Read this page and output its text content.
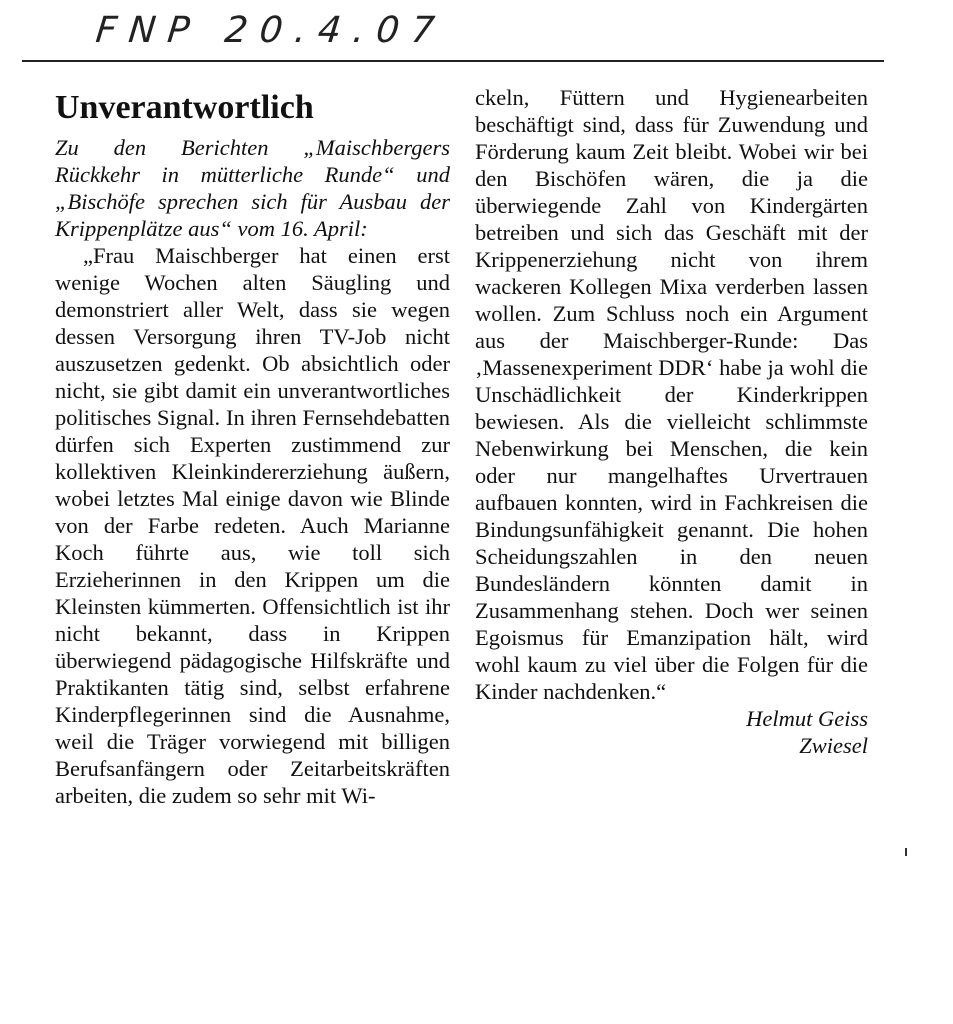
FNP 20.4.07
Unverantwortlich

Zu den Berichten „Maischbergers Rückkehr in mütterliche Runde“ und „Bischöfe sprechen sich für Ausbau der Krippenplätze aus“ vom 16. April:

„Frau Maischberger hat einen erst wenige Wochen alten Säugling und demonstriert aller Welt, dass sie wegen dessen Versorgung ihren TV-Job nicht auszusetzen gedenkt. Ob absichtlich oder nicht, sie gibt damit ein unverantwortliches politisches Signal. In ihren Fernsehdebatten dürfen sich Experten zustimmend zur kollektiven Kleinkindererziehung äußern, wobei letztes Mal einige davon wie Blinde von der Farbe redeten. Auch Marianne Koch führte aus, wie toll sich Erzieherinnen in den Krippen um die Kleinsten kümmerten. Offensichtlich ist ihr nicht bekannt, dass in Krippen überwiegend pädagogische Hilfskräfte und Praktikanten tätig sind, selbst erfahrene Kinderpflegerinnen sind die Ausnahme, weil die Träger vorwiegend mit billigen Berufsanfängern oder Zeitarbeitskräften arbeiten, die zudem so sehr mit Wi-

ckeln, Füttern und Hygienearbeiten beschäftigt sind, dass für Zuwendung und Förderung kaum Zeit bleibt. Wobei wir bei den Bischöfen wären, die ja die überwiegende Zahl von Kindergärten betreiben und sich das Geschäft mit der Krippenerziehung nicht von ihrem wackeren Kollegen Mixa verderben lassen wollen. Zum Schluss noch ein Argument aus der Maischberger-Runde: Das ‚Massenexperiment DDR‘ habe ja wohl die Unschädlichkeit der Kinderkrippen bewiesen. Als die vielleicht schlimmste Nebenwirkung bei Menschen, die kein oder nur mangelhaftes Urvertrauen aufbauen konnten, wird in Fachkreisen die Bindungsunfähigkeit genannt. Die hohen Scheidungszahlen in den neuen Bundesländern könnten damit in Zusammenhang stehen. Doch wer seinen Egoismus für Emanzipation hält, wird wohl kaum zu viel über die Folgen für die Kinder nachdenken.“

Helmut Geiss

Zwiesel
